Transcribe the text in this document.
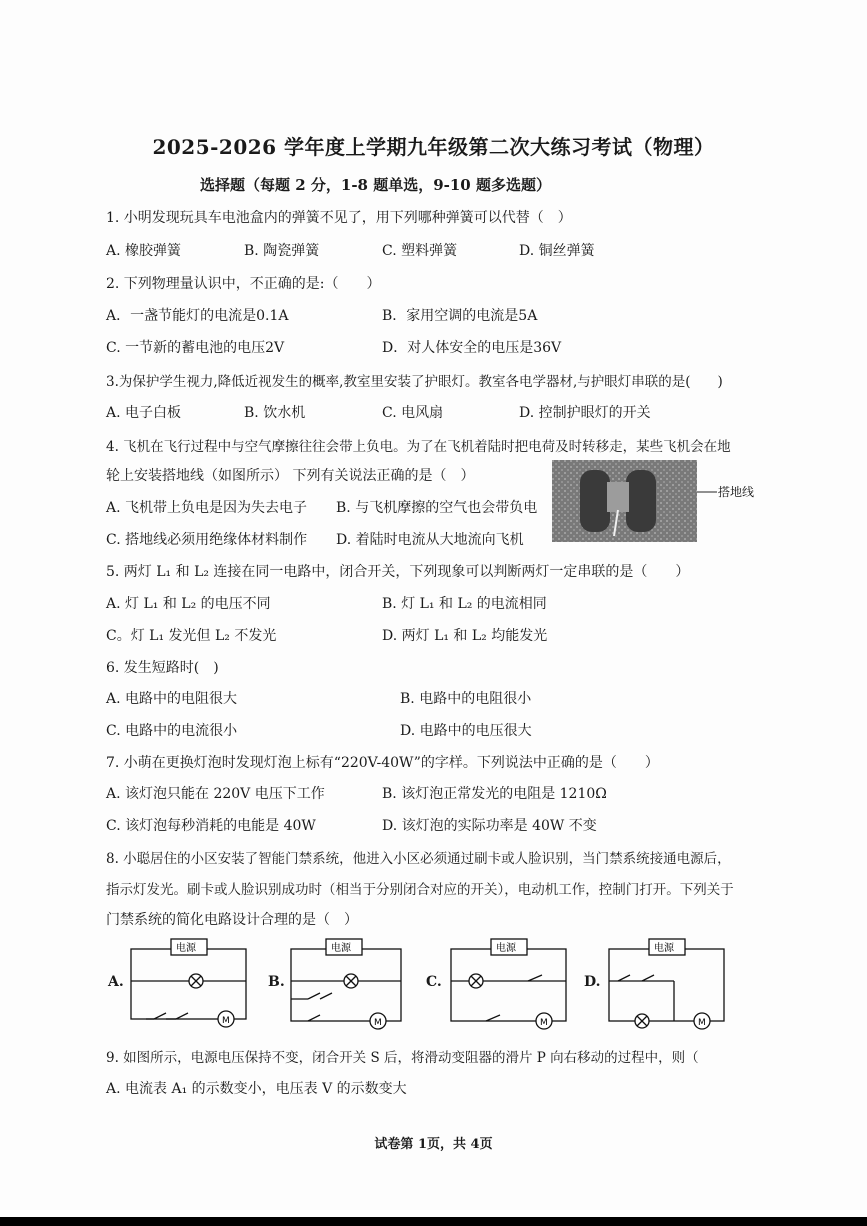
2025-2026 学年度上学期九年级第二次大练习考试（物理）
选择题（每题 2 分，1-8 题单选，9-10 题多选题）
1. 小明发现玩具车电池盒内的弹簧不见了，用下列哪种弹簧可以代替（　）
A. 橡胶弹簧	B. 陶瓷弹簧	C. 塑料弹簧	D. 铜丝弹簧
2. 下列物理量认识中，不正确的是:（　　）
A．一盏节能灯的电流是0.1A	B．家用空调的电流是5A
C. 一节新的蓄电池的电压2V	D．对人体安全的电压是36V
3.为保护学生视力,降低近视发生的概率,教室里安装了护眼灯。教室各电学器材,与护眼灯串联的是(　　)
A. 电子白板	B. 饮水机	C. 电风扇	D. 控制护眼灯的开关
4. 飞机在飞行过程中与空气摩擦往往会带上负电。为了在飞机着陆时把电荷及时转移走，某些飞机会在地
轮上安装搭地线（如图所示） 下列有关说法正确的是（　）
A. 飞机带上负电是因为失去电子 B. 与飞机摩擦的空气也会带负电
C. 搭地线必须用绝缘体材料制作 D. 着陆时电流从大地流向飞机
搭地线
5. 两灯 L₁ 和 L₂ 连接在同一电路中，闭合开关，下列现象可以判断两灯一定串联的是（　　）
A. 灯 L₁ 和 L₂ 的电压不同	B. 灯 L₁ 和 L₂ 的电流相同
C。灯 L₁ 发光但 L₂ 不发光	D. 两灯 L₁ 和 L₂ 均能发光
6. 发生短路时(　)
A. 电路中的电阻很大	B. 电路中的电阻很小
C. 电路中的电流很小	D. 电路中的电压很大
7. 小萌在更换灯泡时发现灯泡上标有“220V-40W”的字样。下列说法中正确的是（　　）
A. 该灯泡只能在 220V 电压下工作	B. 该灯泡正常发光的电阻是 1210Ω
C. 该灯泡每秒消耗的电能是 40W	D. 该灯泡的实际功率是 40W 不变
8. 小聪居住的小区安装了智能门禁系统，他进入小区必须通过刷卡或人脸识别，当门禁系统接通电源后，
指示灯发光。刷卡或人脸识别成功时（相当于分别闭合对应的开关），电动机工作，控制门打开。下列关于
门禁系统的简化电路设计合理的是（　）
A.
电源
M
B.
电源
M
C.
电源
M
D.
电源
M
9. 如图所示，电源电压保持不变，闭合开关 S 后，将滑动变阻器的滑片 P 向右移动的过程中，则（
A. 电流表 A₁ 的示数变小，电压表 V 的示数变大
试卷第 1页，共 4页
